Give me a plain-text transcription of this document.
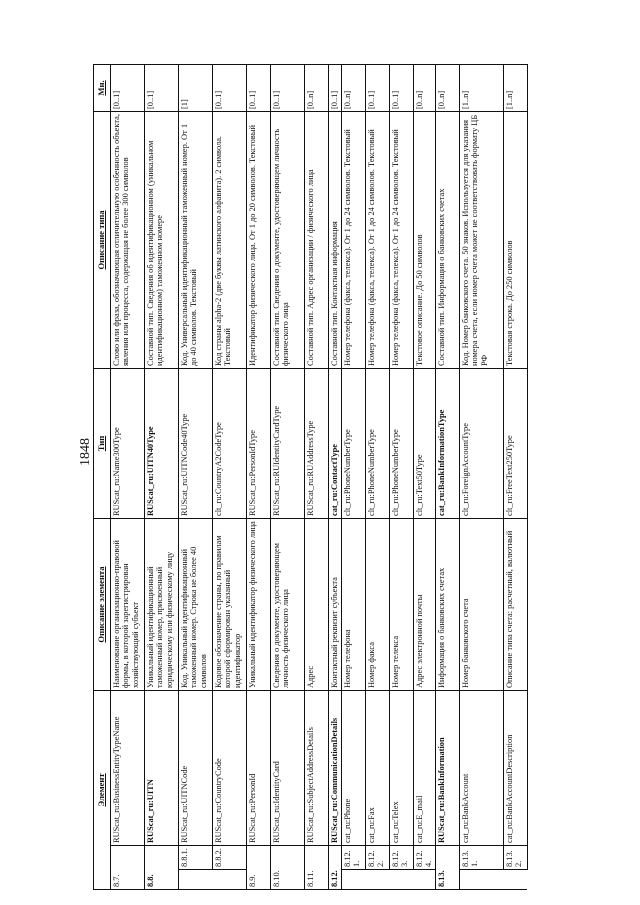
1848
Элемент			Описание элемента	Тип	Описание типа	Мн.
8.7.		RUScat_ru:BusinessEntityTypeName	Наименование организационно-правовой формы, в которой зарегистрирован хозяйствующий субъект	RUScat_ru:Name300Type	Слово или фраза, обозначающая отличительную особенность объекта, явления или процесса, содержащая не более 300 символов	[0..1]
8.8.		RUScat_ru:UITN	Уникальный идентификационный таможенный номер, присвоенный юридическому или физическому лицу	RUScat_ru:UITN40Type	Составной тип. Сведения об идентификационном (уникальном идентификационном) таможенном номере	[0..1]
	8.8.1.	RUScat_ru:UITNCode	Код. Уникальный идентификационный таможенный номер. Строка не более 40 символов	RUScat_ru:UITNCode40Type	Код. Универсальный идентификационный таможенный номер. От 1 до 40 символов. Текстовый	[1]
	8.8.2.	RUScat_ru:CountryCode	Кодовое обозначение страны, по правилам которой сформирован указанный идентификатор	clt_ru:CountryA2CodeType	Код страны alpha-2 (две буквы латинского алфавита). 2 символа. Текстовый	[0..1]
8.9.		RUScat_ru:PersonId	Уникальный идентификатор физического лица	RUScat_ru:PersonIdType	Идентификатор физического лица. От 1 до 20 символов. Текстовый	[0..1]
8.10.		RUScat_ru:IdentityCard	Сведения о документе, удостоверяющем личность физического лица	RUScat_ru:RUIdentityCardType	Составной тип. Сведения о документе, удостоверяющем личность физического лица	[0..1]
8.11.		RUScat_ru:SubjectAddressDetails	Адрес	RUScat_ru:RUAddressType	Составной тип. Адрес организации / физического лица	[0..n]
8.12.		RUScat_ru:CommunicationDetails	Контактный реквизит субъекта	cat_ru:ContactType	Составной тип. Контактная информация	[0..1]
	8.12.1.	cat_ru:Phone	Номер телефона	clt_ru:PhoneNumberType	Номер телефона (факса, телекса). От 1 до 24 символов. Текстовый	[0..n]
	8.12.2.	cat_ru:Fax	Номер факса	clt_ru:PhoneNumberType	Номер телефона (факса, телекса). От 1 до 24 символов. Текстовый	[0..1]
	8.12.3.	cat_ru:Telex	Номер телекса	clt_ru:PhoneNumberType	Номер телефона (факса, телекса). От 1 до 24 символов. Текстовый	[0..1]
	8.12.4.	cat_ru:E_mail	Адрес электронной почты	clt_ru:Text50Type	Текстовое описание. До 50 символов	[0..n]
8.13.		RUScat_ru:BankInformation	Информация о банковских счетах	cat_ru:BankInformationType	Составной тип. Информация о банковских счетах	[0..n]
	8.13.1.	cat_ru:BankAccount	Номер банковского счета	clt_ru:ForeignAccountType	Код. Номер банковского счета. 50 знаков. Используется для указания номера счета, если номер счета может не соответствовать формату ЦБ РФ	[1..n]
	8.13.2.	cat_ru:BankAccountDescription	Описание типа счета: расчетный, валютный	clt_ru:FreeText250Type	Текстовая строка. До 250 символов	[1..n]
